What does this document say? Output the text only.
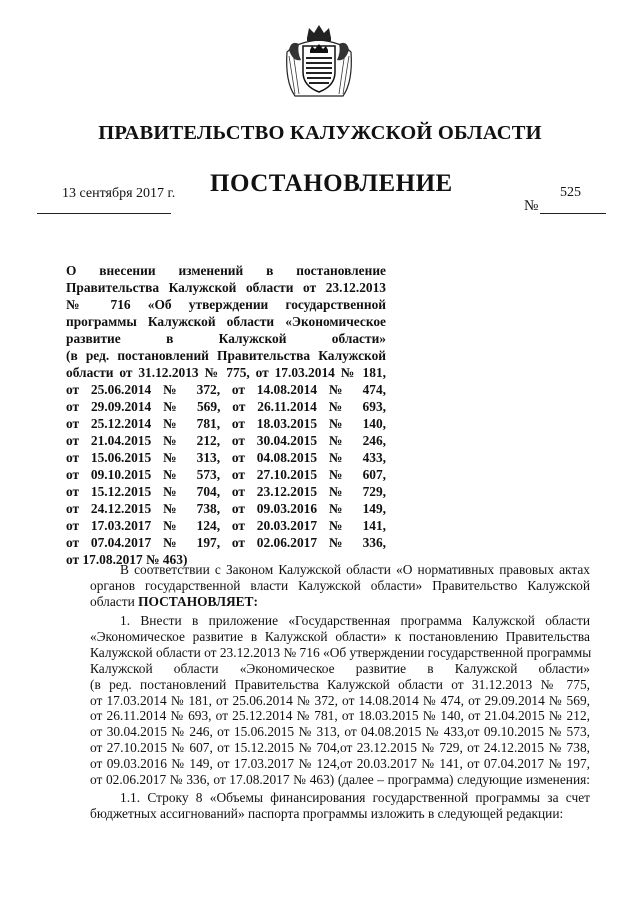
ПРАВИТЕЛЬСТВО КАЛУЖСКОЙ ОБЛАСТИ
13 сентября 2017 г. ПОСТАНОВЛЕНИЕ	525
№
О внесении изменений в постановление
Правительства Калужской области от 23.12.2013
№ 716 «Об утверждении государственной
программы Калужской области «Экономическое
развитие в Калужской области»
(в ред. постановлений Правительства Калужской
области от 31.12.2013 № 775, от 17.03.2014 № 181,
от 25.06.2014 № 372, от 14.08.2014 № 474,
от 29.09.2014 № 569, от 26.11.2014 № 693,
от 25.12.2014 № 781, от 18.03.2015 № 140,
от 21.04.2015 № 212, от 30.04.2015 № 246,
от 15.06.2015 № 313, от 04.08.2015 № 433,
от 09.10.2015 № 573, от 27.10.2015 № 607,
от 15.12.2015 № 704, от 23.12.2015 № 729,
от 24.12.2015 № 738, от 09.03.2016 № 149,
от 17.03.2017 № 124, от 20.03.2017 № 141,
от 07.04.2017 № 197, от 02.06.2017 № 336,
от 17.08.2017 № 463)
В соответствии с Законом Калужской области «О нормативных правовых актах
органов государственной власти Калужской области» Правительство Калужской
области ПОСТАНОВЛЯЕТ:
1. Внести в приложение «Государственная программа Калужской области
«Экономическое развитие в Калужской области» к постановлению Правительства
Калужской области от 23.12.2013 № 716 «Об утверждении государственной программы
Калужской области «Экономическое развитие в Калужской области»
(в ред. постановлений Правительства Калужской области от 31.12.2013 № 775,
от 17.03.2014 № 181, от 25.06.2014 № 372, от 14.08.2014 № 474, от 29.09.2014 № 569,
от 26.11.2014 № 693, от 25.12.2014 № 781, от 18.03.2015 № 140, от 21.04.2015 № 212,
от 30.04.2015 № 246, от 15.06.2015 № 313, от 04.08.2015 № 433,от 09.10.2015 № 573,
от 27.10.2015 № 607, от 15.12.2015 № 704,от 23.12.2015 № 729, от 24.12.2015 № 738,
от 09.03.2016 № 149, от 17.03.2017 № 124,от 20.03.2017 № 141, от 07.04.2017 № 197,
от 02.06.2017 № 336, от 17.08.2017 № 463) (далее – программа) следующие изменения:
1.1. Строку 8 «Объемы финансирования государственной программы за счет
бюджетных ассигнований» паспорта программы изложить в следующей редакции:
